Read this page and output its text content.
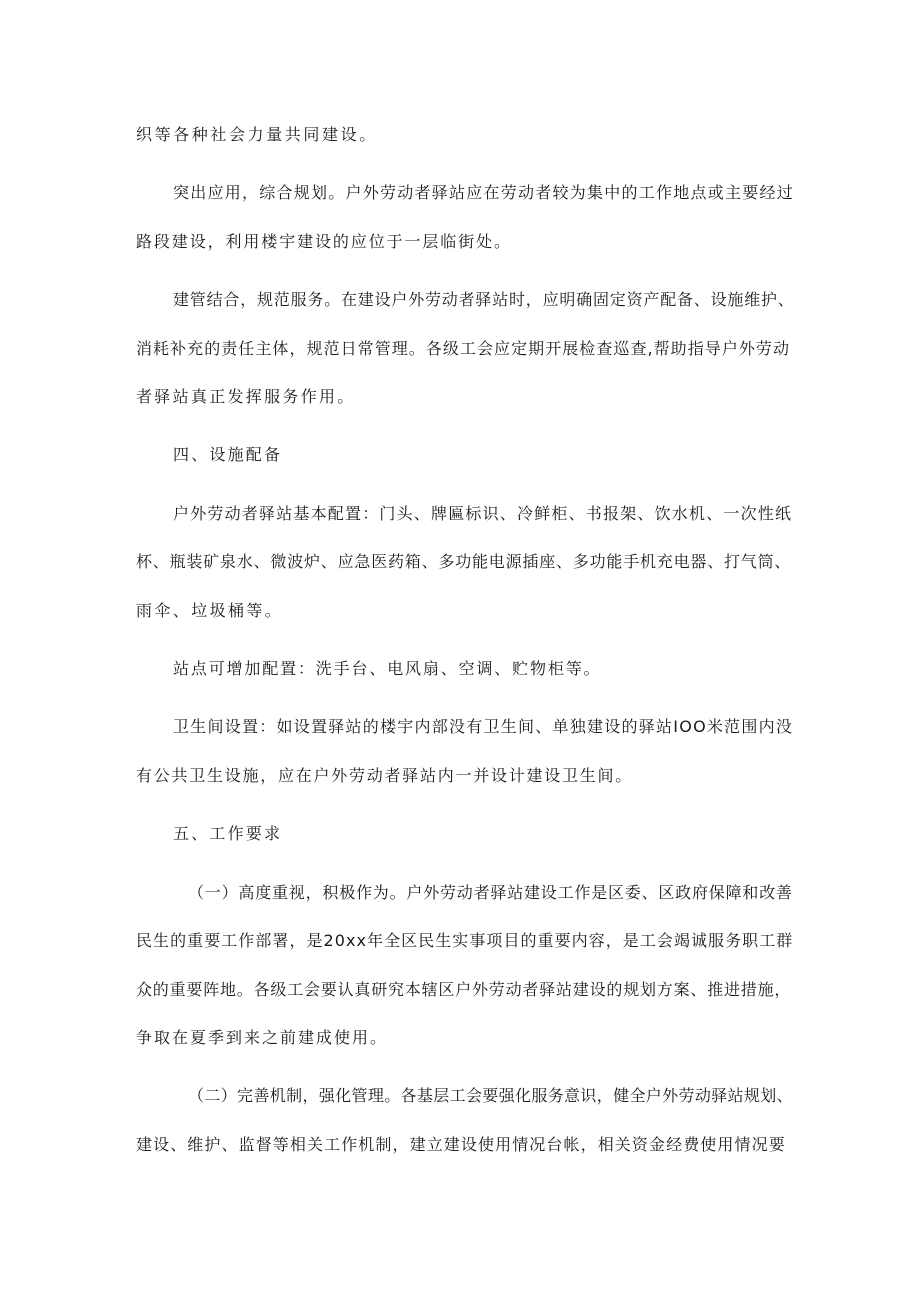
织等各种社会力量共同建设。
突出应用，综合规划。户外劳动者驿站应在劳动者较为集中的工作地点或主要经过
路段建设，利用楼宇建设的应位于一层临街处。
建管结合，规范服务。在建设户外劳动者驿站时，应明确固定资产配备、设施维护、
消耗补充的责任主体，规范日常管理。各级工会应定期开展检查巡查,帮助指导户外劳动
者驿站真正发挥服务作用。
四、设施配备
户外劳动者驿站基本配置：门头、牌匾标识、冷鲜柜、书报架、饮水机、一次性纸
杯、瓶装矿泉水、微波炉、应急医药箱、多功能电源插座、多功能手机充电器、打气筒、
雨伞、垃圾桶等。
站点可增加配置：洗手台、电风扇、空调、贮物柜等。
卫生间设置：如设置驿站的楼宇内部没有卫生间、单独建设的驿站IOO米范围内没
有公共卫生设施，应在户外劳动者驿站内一并设计建设卫生间。
五、工作要求
（一）高度重视，积极作为。户外劳动者驿站建设工作是区委、区政府保障和改善
民生的重要工作部署，是20xx年全区民生实事项目的重要内容，是工会竭诚服务职工群
众的重要阵地。各级工会要认真研究本辖区户外劳动者驿站建设的规划方案、推进措施，
争取在夏季到来之前建成使用。
（二）完善机制，强化管理。各基层工会要强化服务意识，健全户外劳动驿站规划、
建设、维护、监督等相关工作机制，建立建设使用情况台帐，相关资金经费使用情况要
